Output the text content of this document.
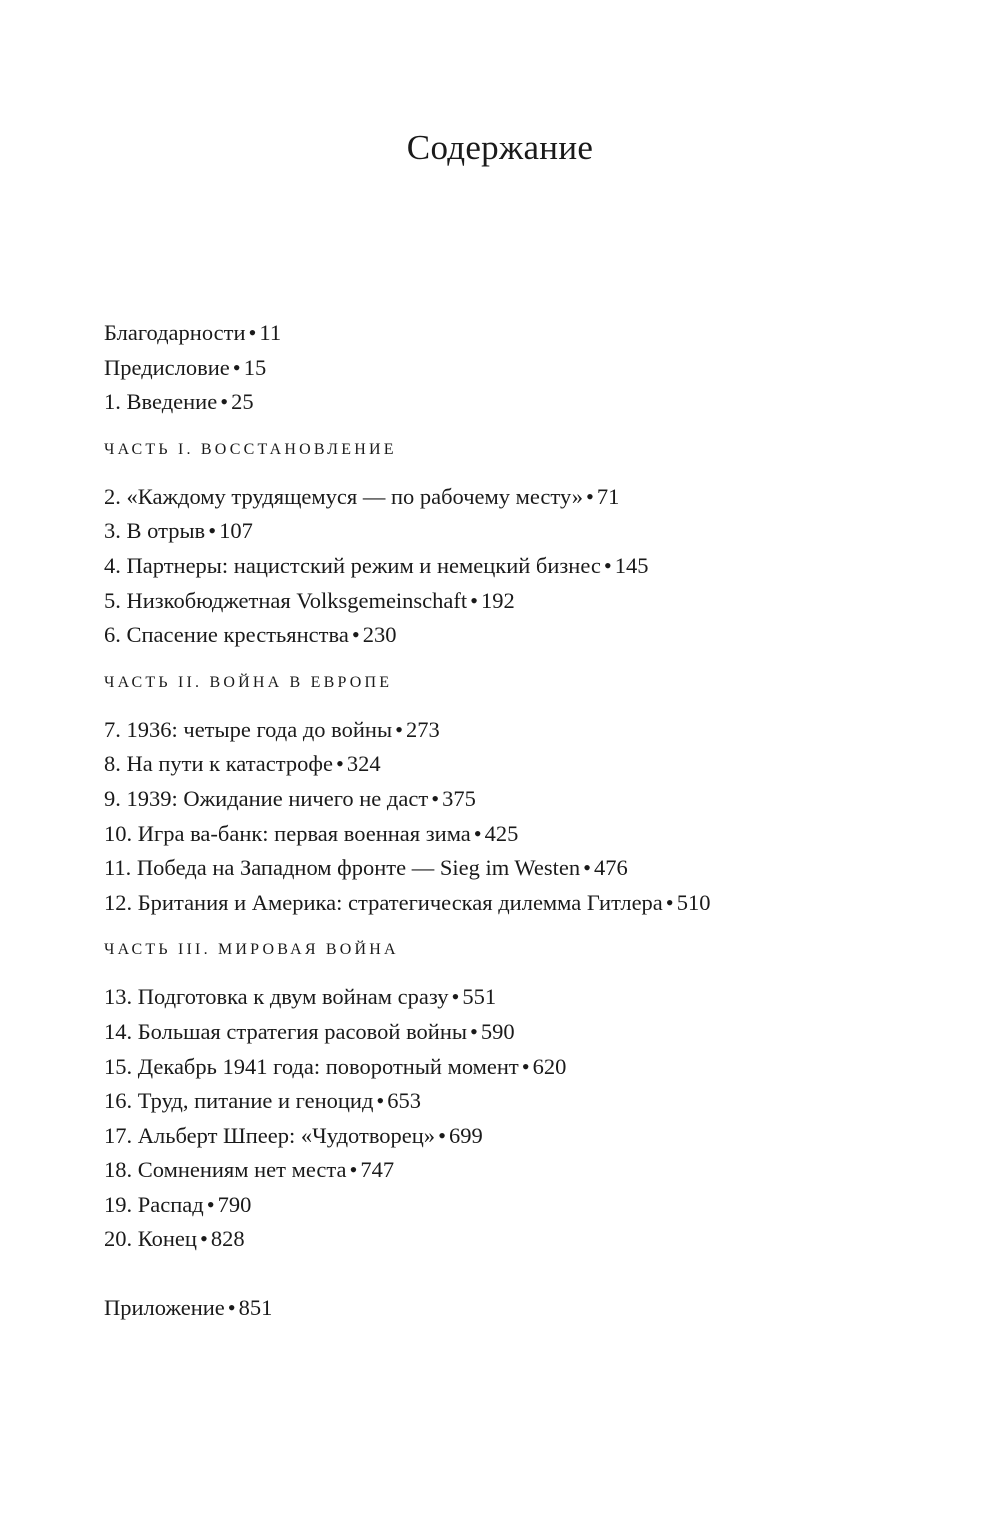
Содержание
Благодарности • 11
Предисловие • 15
1. Введение • 25
ЧАСТЬ I. ВОССТАНОВЛЕНИЕ
2. «Каждому трудящемуся — по рабочему месту» • 71
3. В отрыв • 107
4. Партнеры: нацистский режим и немецкий бизнес • 145
5. Низкобюджетная Volksgemeinschaft • 192
6. Спасение крестьянства • 230
ЧАСТЬ II. ВОЙНА В ЕВРОПЕ
7. 1936: четыре года до войны • 273
8. На пути к катастрофе • 324
9. 1939: Ожидание ничего не даст • 375
10. Игра ва-банк: первая военная зима • 425
11. Победа на Западном фронте — Sieg im Westen • 476
12. Британия и Америка: стратегическая дилемма Гитлера • 510
ЧАСТЬ III. МИРОВАЯ ВОЙНА
13. Подготовка к двум войнам сразу • 551
14. Большая стратегия расовой войны • 590
15. Декабрь 1941 года: поворотный момент • 620
16. Труд, питание и геноцид • 653
17. Альберт Шпеер: «Чудотворец» • 699
18. Сомнениям нет места • 747
19. Распад • 790
20. Конец • 828
Приложение • 851
